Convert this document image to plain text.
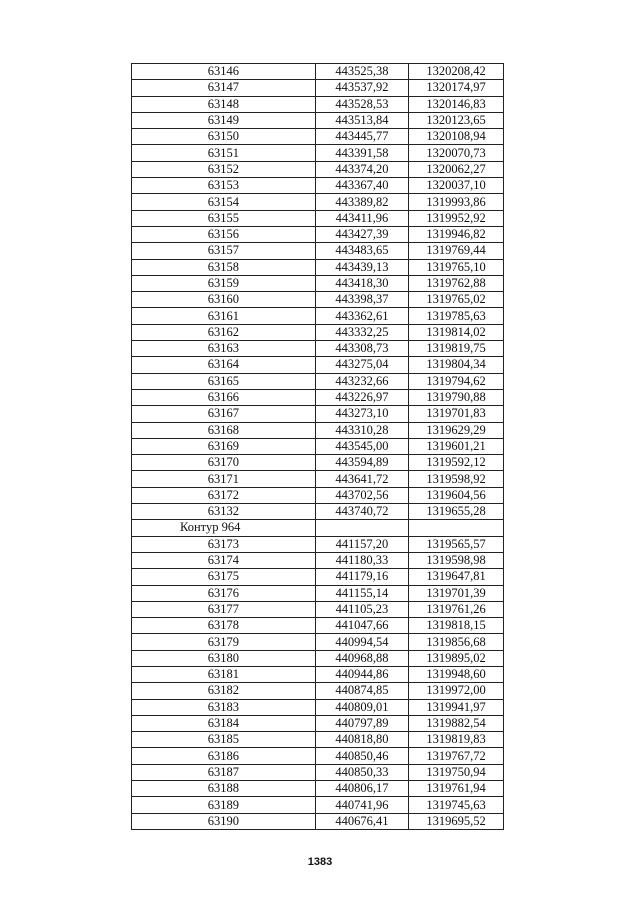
63146	443525,38	1320208,42
63147	443537,92	1320174,97
63148	443528,53	1320146,83
63149	443513,84	1320123,65
63150	443445,77	1320108,94
63151	443391,58	1320070,73
63152	443374,20	1320062,27
63153	443367,40	1320037,10
63154	443389,82	1319993,86
63155	443411,96	1319952,92
63156	443427,39	1319946,82
63157	443483,65	1319769,44
63158	443439,13	1319765,10
63159	443418,30	1319762,88
63160	443398,37	1319765,02
63161	443362,61	1319785,63
63162	443332,25	1319814,02
63163	443308,73	1319819,75
63164	443275,04	1319804,34
63165	443232,66	1319794,62
63166	443226,97	1319790,88
63167	443273,10	1319701,83
63168	443310,28	1319629,29
63169	443545,00	1319601,21
63170	443594,89	1319592,12
63171	443641,72	1319598,92
63172	443702,56	1319604,56
63132	443740,72	1319655,28
Контур 964		
63173	441157,20	1319565,57
63174	441180,33	1319598,98
63175	441179,16	1319647,81
63176	441155,14	1319701,39
63177	441105,23	1319761,26
63178	441047,66	1319818,15
63179	440994,54	1319856,68
63180	440968,88	1319895,02
63181	440944,86	1319948,60
63182	440874,85	1319972,00
63183	440809,01	1319941,97
63184	440797,89	1319882,54
63185	440818,80	1319819,83
63186	440850,46	1319767,72
63187	440850,33	1319750,94
63188	440806,17	1319761,94
63189	440741,96	1319745,63
63190	440676,41	1319695,52
1383
